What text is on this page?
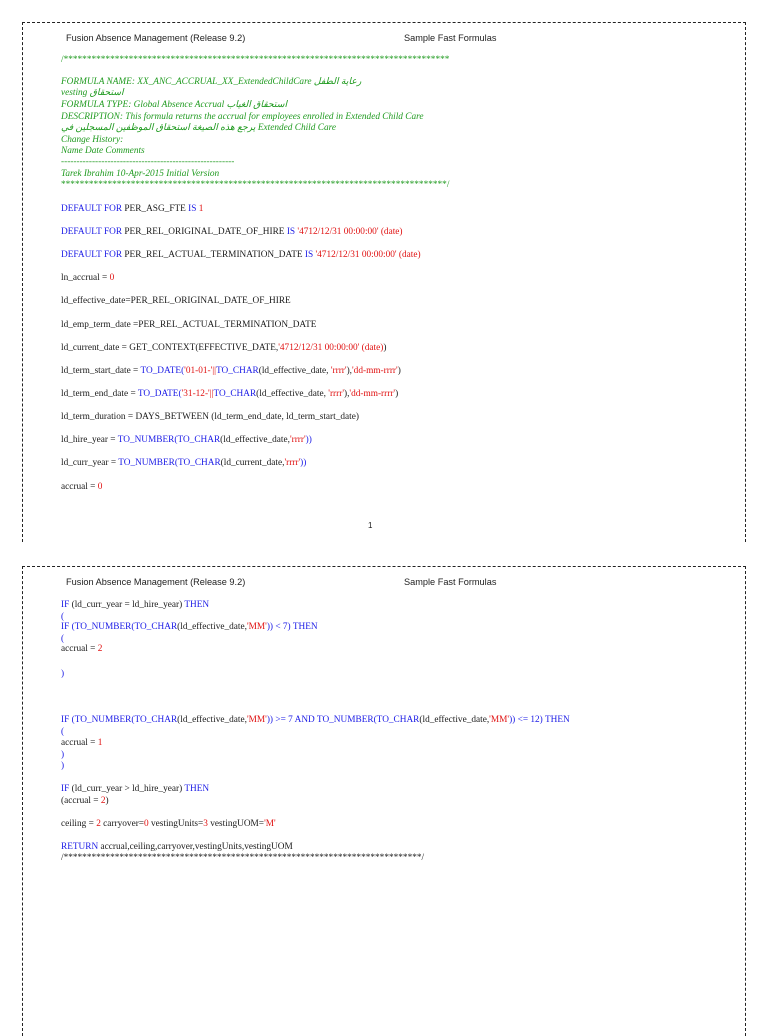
Fusion Absence Management (Release 9.2)	Sample Fast Formulas
/***********************************************************************************
FORMULA NAME: XX_ANC_ACCRUAL_XX_ExtendedChildCare رعاية الطفل
vesting استحقاق
FORMULA TYPE: Global Absence Accrual استحقاق الغياب
DESCRIPTION: This formula returns the accrual for employees enrolled in Extended Child Care
يرجع هذه الصيغة استحقاق الموظفين المسجلين في Extended Child Care
Change History:
Name Date Comments
--------------------------------------------------------
Tarek Ibrahim 10-Apr-2015 Initial Version
***********************************************************************************/
DEFAULT FOR PER_ASG_FTE IS 1
DEFAULT FOR PER_REL_ORIGINAL_DATE_OF_HIRE IS '4712/12/31 00:00:00' (date)
DEFAULT FOR PER_REL_ACTUAL_TERMINATION_DATE IS '4712/12/31 00:00:00' (date)
ln_accrual = 0
ld_effective_date=PER_REL_ORIGINAL_DATE_OF_HIRE
ld_emp_term_date =PER_REL_ACTUAL_TERMINATION_DATE
ld_current_date = GET_CONTEXT(EFFECTIVE_DATE,'4712/12/31 00:00:00' (date))
ld_term_start_date = TO_DATE('01-01-'||TO_CHAR(ld_effective_date, 'rrrr'),'dd-mm-rrrr')
ld_term_end_date = TO_DATE('31-12-'||TO_CHAR(ld_effective_date, 'rrrr'),'dd-mm-rrrr')
ld_term_duration = DAYS_BETWEEN (ld_term_end_date, ld_term_start_date)
ld_hire_year = TO_NUMBER(TO_CHAR(ld_effective_date,'rrrr'))
ld_curr_year = TO_NUMBER(TO_CHAR(ld_current_date,'rrrr'))
accrual = 0
1
Fusion Absence Management (Release 9.2)	Sample Fast Formulas
IF (ld_curr_year = ld_hire_year) THEN
(
IF (TO_NUMBER(TO_CHAR(ld_effective_date,'MM')) < 7) THEN
(
accrual = 2
)
IF (TO_NUMBER(TO_CHAR(ld_effective_date,'MM')) >= 7 AND TO_NUMBER(TO_CHAR(ld_effective_date,'MM')) <= 12) THEN
(
accrual = 1
)
)
IF (ld_curr_year > ld_hire_year) THEN
(accrual = 2)
ceiling = 2 carryover=0 vestingUnits=3 vestingUOM='M'
RETURN accrual,ceiling,carryover,vestingUnits,vestingUOM
/*****************************************************************************/
